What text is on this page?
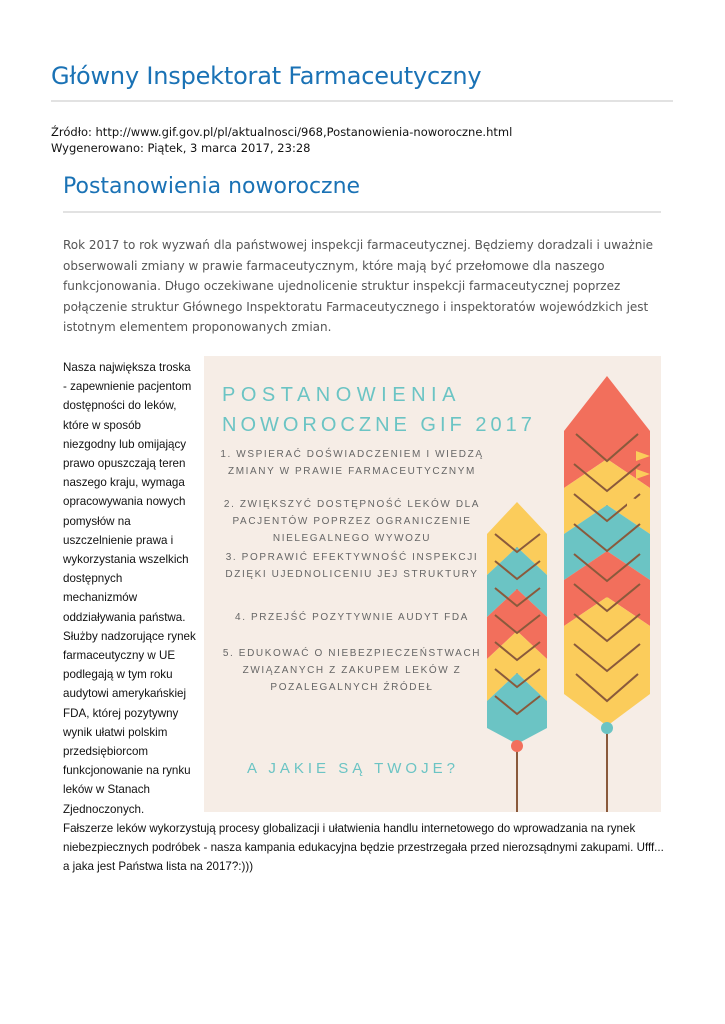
Główny Inspektorat Farmaceutyczny
Źródło: http://www.gif.gov.pl/pl/aktualnosci/968,Postanowienia-noworoczne.html
Wygenerowano: Piątek, 3 marca 2017, 23:28
Postanowienia noworoczne

Rok 2017 to rok wyzwań dla państwowej inspekcji farmaceutycznej. Będziemy doradzali i uważnie obserwowali zmiany w prawie farmaceutycznym, które mają być przełomowe dla naszego funkcjonowania. Długo oczekiwane ujednolicenie struktur inspekcji farmaceutycznej poprzez połączenie struktur Głównego Inspektoratu Farmaceutycznego i inspektoratów wojewódzkich jest istotnym elementem proponowanych zmian.

POSTANOWIENIA
NOWOROCZNE GIF 2017
1. WSPIERAĆ DOŚWIADCZENIEM I WIEDZĄ
ZMIANY W PRAWIE FARMACEUTYCZNYM
2. ZWIĘKSZYĆ DOSTĘPNOŚĆ LEKÓW DLA
PACJENTÓW POPRZEZ OGRANICZENIE
NIELEGALNEGO WYWOZU
3. POPRAWIĆ EFEKTYWNOŚĆ INSPEKCJI
DZIĘKI UJEDNOLICENIU JEJ STRUKTURY
4. PRZEJŚĆ POZYTYWNIE AUDYT FDA
5. EDUKOWAĆ O NIEBEZPIECZEŃSTWACH
ZWIĄZANYCH Z ZAKUPEM LEKÓW Z
POZALEGALNYCH ŹRÓDEŁ
A JAKIE SĄ TWOJE?

Nasza największa troska - zapewnienie pacjentom dostępności do leków, które w sposób niezgodny lub omijający prawo opuszczają teren naszego kraju, wymaga opracowywania nowych pomysłów na uszczelnienie prawa i wykorzystania wszelkich dostępnych mechanizmów oddziaływania państwa. Służby nadzorujące rynek farmaceutyczny w UE podlegają w tym roku audytowi amerykańskiej FDA, której pozytywny wynik ułatwi polskim przedsiębiorcom funkcjonowanie na rynku leków w Stanach Zjednoczonych. Fałszerze leków wykorzystują procesy globalizacji i ułatwienia handlu internetowego do wprowadzania na rynek niebezpiecznych podróbek - nasza kampania edukacyjna będzie przestrzegała przed nierozsądnymi zakupami. Ufff... a jaka jest Państwa lista na 2017?:)))
